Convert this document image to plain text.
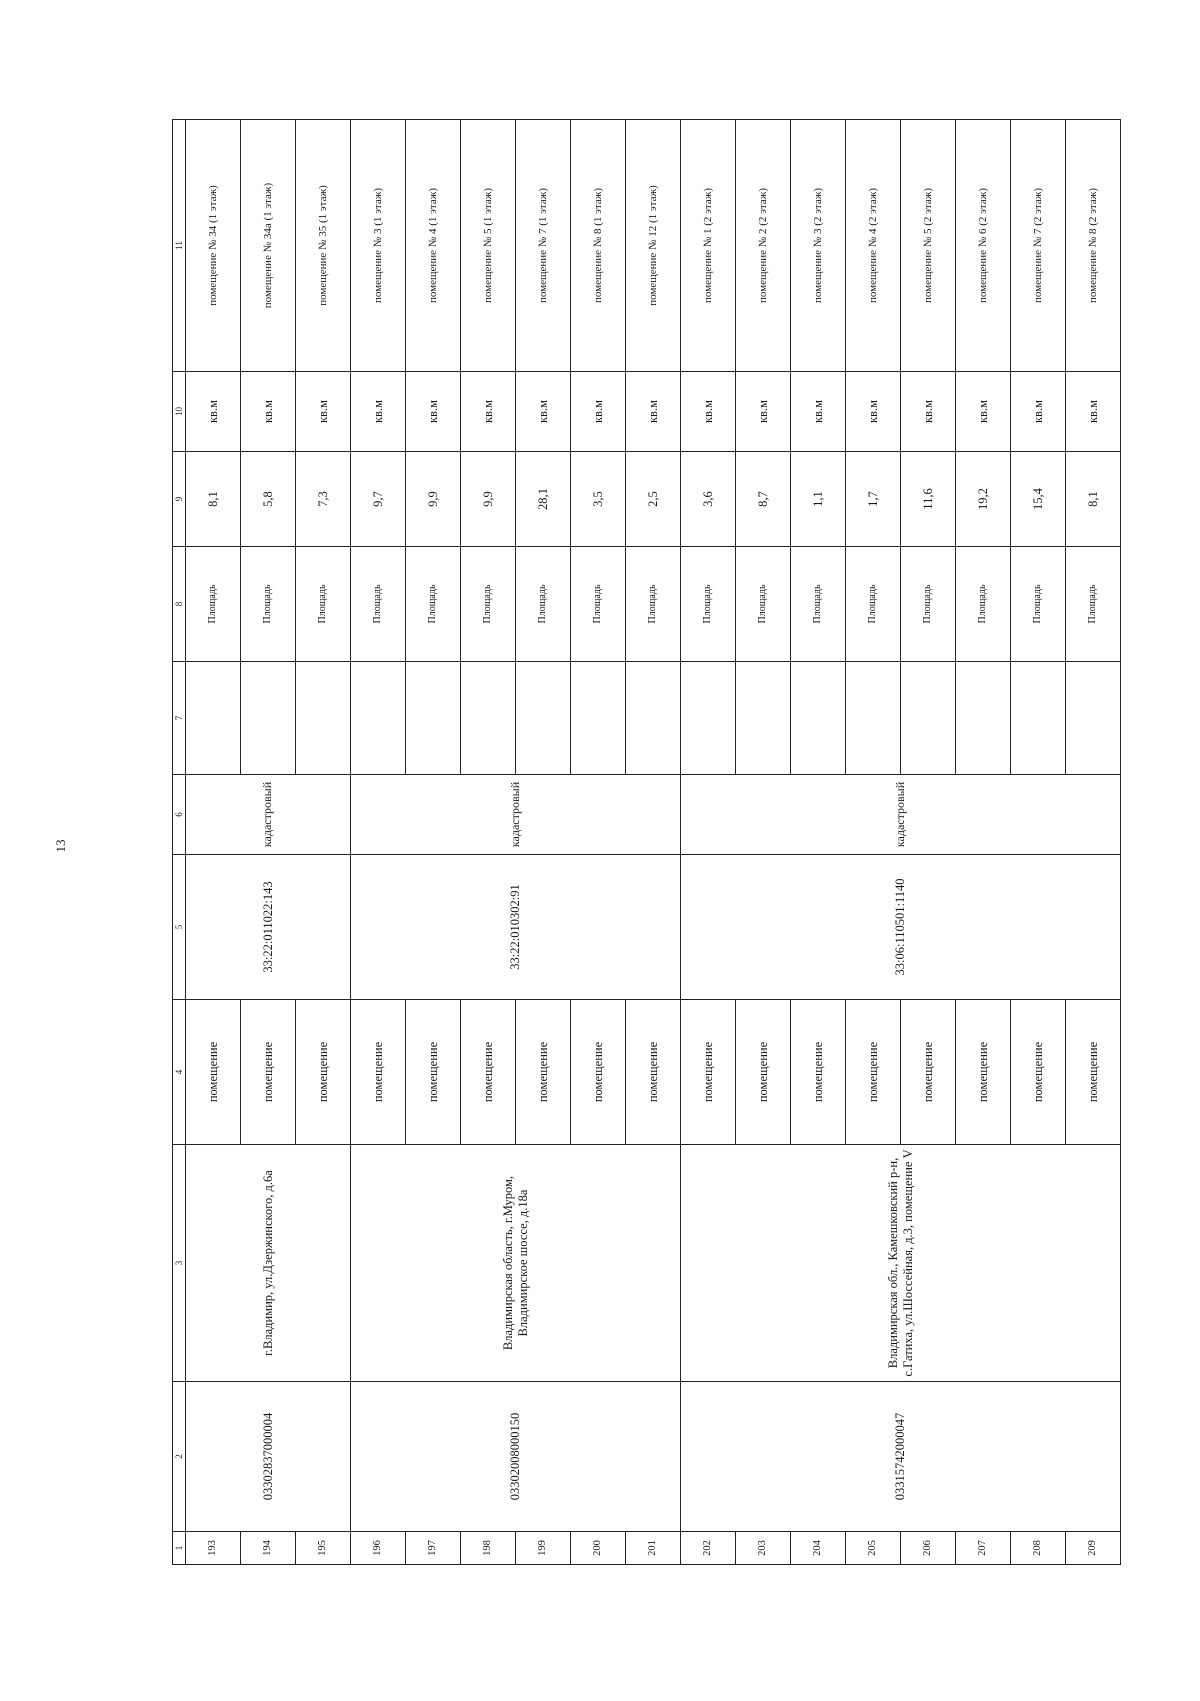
13
1	2	3	4	5	6	7	8	9	10	11
193	03302837000004	г.Владимир, ул.Дзержинского, д.6а	помещение	33:22:011022:143	кадастровый		Площадь	8,1	кв.м	помещение № 34 (1 этаж)
194			помещение				Площадь	5,8	кв.м	помещение № 34а (1 этаж)
195			помещение				Площадь	7,3	кв.м	помещение № 35 (1 этаж)
196	03302008000150	Владимирская область, г.Муром, Владимирское шоссе, д.18а	помещение	33:22:010302:91	кадастровый		Площадь	9,7	кв.м	помещение № 3 (1 этаж)
197			помещение				Площадь	9,9	кв.м	помещение № 4 (1 этаж)
198			помещение				Площадь	9,9	кв.м	помещение № 5 (1 этаж)
199			помещение				Площадь	28,1	кв.м	помещение № 7 (1 этаж)
200			помещение				Площадь	3,5	кв.м	помещение № 8 (1 этаж)
201			помещение				Площадь	2,5	кв.м	помещение № 12 (1 этаж)
202	03315742000047	Владимирская обл., Камешковский р-н, с.Гатиха, ул.Шоссейная, д.3, помещение V	помещение	33:06:110501:1140	кадастровый		Площадь	3,6	кв.м	помещение № 1 (2 этаж)
203			помещение				Площадь	8,7	кв.м	помещение № 2 (2 этаж)
204			помещение				Площадь	1,1	кв.м	помещение № 3 (2 этаж)
205			помещение				Площадь	1,7	кв.м	помещение № 4 (2 этаж)
206			помещение				Площадь	11,6	кв.м	помещение № 5 (2 этаж)
207			помещение				Площадь	19,2	кв.м	помещение № 6 (2 этаж)
208			помещение				Площадь	15,4	кв.м	помещение № 7 (2 этаж)
209			помещение				Площадь	8,1	кв.м	помещение № 8 (2 этаж)
